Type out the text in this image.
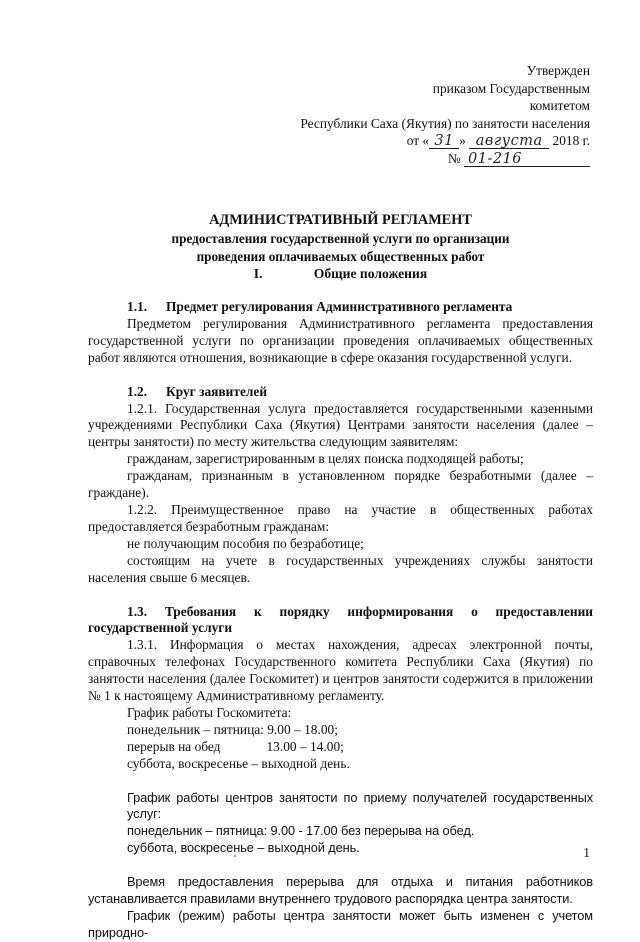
Утвержден
приказом Государственным
комитетом
Республики Саха (Якутия) по занятости населения
от « 31 » августа 2018 г.
№ 01-216
АДМИНИСТРАТИВНЫЙ РЕГЛАМЕНТ
предоставления государственной услуги по организации
проведения оплачиваемых общественных работ
I.	Общие положения

1.1. Предмет регулирования Административного регламента

Предметом регулирования Административного регламента предоставления государственной услуги по организации проведения оплачиваемых общественных работ являются отношения, возникающие в сфере оказания государственной услуги.

1.2. Круг заявителей

1.2.1. Государственная услуга предоставляется государственными казенными учреждениями Республики Саха (Якутия) Центрами занятости населения (далее – центры занятости) по месту жительства следующим заявителям:

гражданам, зарегистрированным в целях поиска подходящей работы;

гражданам, признанным в установленном порядке безработными (далее – граждане).

1.2.2. Преимущественное право на участие в общественных работах предоставляется безработным гражданам:

не получающим пособия по безработице;

состоящим на учете в государственных учреждениях службы занятости населения свыше 6 месяцев.

1.3. Требования к порядку информирования о предоставлении

государственной услуги

1.3.1. Информация о местах нахождения, адресах электронной почты, справочных телефонах Государственного комитета Республики Саха (Якутия) по занятости населения (далее Госкомитет) и центров занятости содержится в приложении № 1 к настоящему Административному регламенту.

График работы Госкомитета:

понедельник – пятница: 9.00 – 18.00;

перерыв на обед	13.00 – 14.00;

суббота, воскресенье – выходной день.

График работы центров занятости по приему получателей государственных услуг:

понедельник – пятница: 9.00 - 17.00 без перерыва на обед.

суббота, воскресенье – выходной день.

Время предоставления перерыва для отдыха и питания работников устанавливается правилами внутреннего трудового распорядка центра занятости.

График (режим) работы центра занятости может быть изменен с учетом природно-

1
